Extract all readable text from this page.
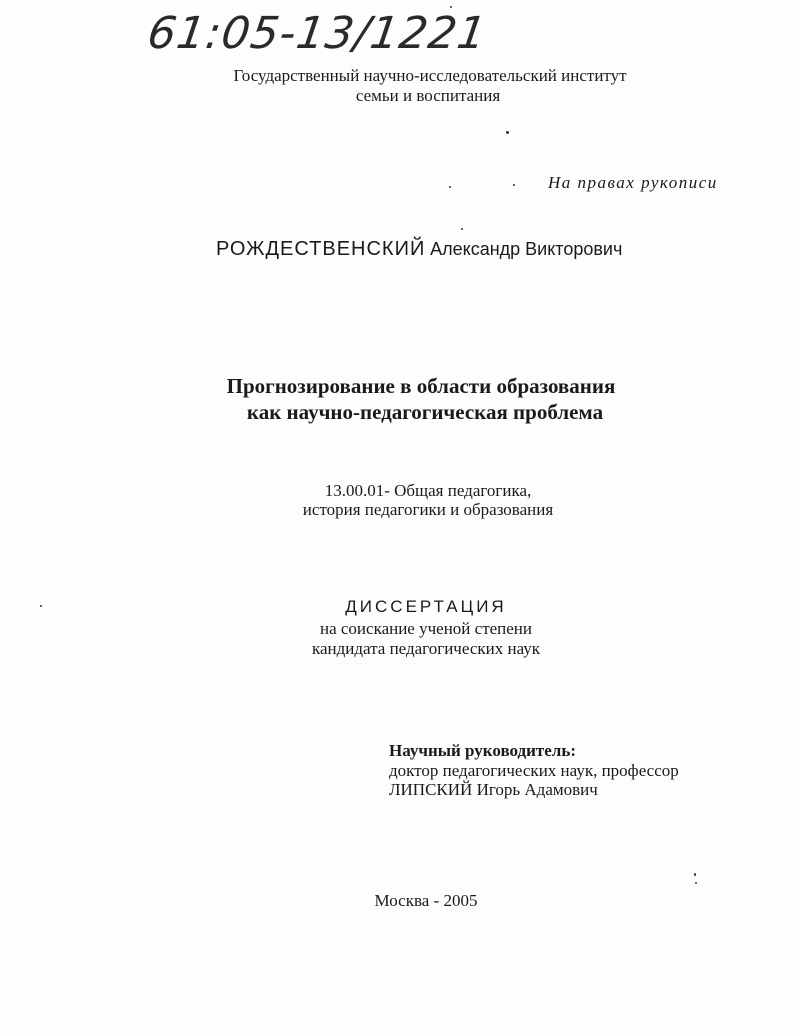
61:05-13/1221
Государственный научно-исследовательский институт
семьи и воспитания
На правах рукописи
РОЖДЕСТВЕНСКИЙ Александр Викторович
Прогнозирование в области образования
как научно-педагогическая проблема
13.00.01- Общая педагогика,
история педагогики и образования
ДИССЕРТАЦИЯ
на соискание ученой степени
кандидата педагогических наук
Научный руководитель:
доктор педагогических наук, профессор
ЛИПСКИЙ Игорь Адамович
Москва - 2005
